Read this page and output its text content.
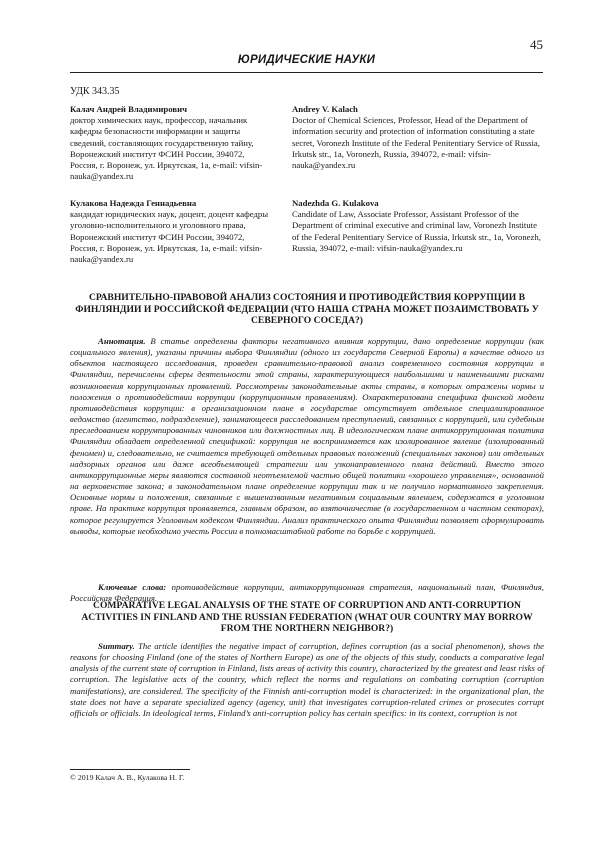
45
ЮРИДИЧЕСКИЕ НАУКИ
УДК 343.35
Калач Андрей Владимирович
доктор химических наук, профессор, начальник кафедры безопасности информации и защиты сведений, составляющих государственную тайну, Воронежский институт ФСИН России, 394072, Россия, г. Воронеж, ул. Иркутская, 1а, e-mail: vifsin-nauka@yandex.ru
Andrey V. Kalach
Doctor of Chemical Sciences, Professor, Head of the Department of information security and protection of information constituting a state secret, Voronezh Institute of the Federal Penitentiary Service of Russia, Irkutsk str., 1a, Voronezh, Russia, 394072, e-mail: vifsin-nauka@yandex.ru
Кулакова Надежда Геннадьевна
кандидат юридических наук, доцент, доцент кафедры уголовно-исполнительного и уголовного права, Воронежский институт ФСИН России, 394072, Россия, г. Воронеж, ул. Иркутская, 1а, e-mail: vifsin-nauka@yandex.ru
Nadezhda G. Kulakova
Candidate of Law, Associate Professor, Assistant Professor of the Department of criminal executive and criminal law, Voronezh Institute of the Federal Penitentiary Service of Russia, Irkutsk str., 1a, Voronezh, Russia, 394072, e-mail: vifsin-nauka@yandex.ru
СРАВНИТЕЛЬНО-ПРАВОВОЙ АНАЛИЗ СОСТОЯНИЯ И ПРОТИВОДЕЙСТВИЯ КОРРУПЦИИ В ФИНЛЯНДИИ И РОССИЙСКОЙ ФЕДЕРАЦИИ (ЧТО НАША СТРАНА МОЖЕТ ПОЗАИМСТВОВАТЬ У СЕВЕРНОГО СОСЕДА?)
Аннотация. В статье определены факторы негативного влияния коррупции, дано определение коррупции (как социального явления), указаны причины выбора Финляндии (одного из государств Северной Европы) в качестве одного из объектов настоящего исследования, проведен сравнительно-правовой анализ современного состояния коррупции в Финляндии, перечислены сферы деятельности этой страны, характеризующиеся наибольшими и наименьшими рисками возникновения коррупционных проявлений. Рассмотрены законодательные акты страны, в которых отражены нормы и положения о противодействии коррупции (коррупционным проявлениям). Охарактеризована специфика финской модели противодействия коррупции: в организационном плане в государстве отсутствует отдельное специализированное ведомство (агентство, подразделение), занимающееся расследованием преступлений, связанных с коррупцией, или судебным преследованием коррумпированных чиновников или должностных лиц. В идеологическом плане антикоррупционная политика Финляндии обладает определенной спецификой: коррупция не воспринимается как изолированное явление (изолированный феномен) и, следовательно, не считается требующей отдельных правовых положений (специальных законов) или отдельных надзорных органов или даже всеобъемлющей стратегии или узконаправленного плана действий. Вместо этого антикоррупционные меры являются составной неотъемлемой частью общей политики «хорошего управления», основанной на верховенстве закона; в законодательном плане определение коррупции так и не получило нормативного закрепления. Основные нормы и положения, связанные с вышеназванным негативным социальным явлением, содержатся в уголовном праве. На практике коррупция проявляется, главным образом, во взяточничестве (в государственном и частном секторах), которое регулируется Уголовным кодексом Финляндии. Анализ практического опыта Финляндии позволяет сформулировать выводы, которые необходимо учесть России в полномасштабной работе по борьбе с коррупцией.
Ключевые слова: противодействие коррупции, антикоррупционная стратегия, национальный план, Финляндия, Российская Федерация.
COMPARATIVE LEGAL ANALYSIS OF THE STATE OF CORRUPTION AND ANTI-CORRUPTION ACTIVITIES IN FINLAND AND THE RUSSIAN FEDERATION (WHAT OUR COUNTRY MAY BORROW FROM THE NORTHERN NEIGHBOR?)
Summary. The article identifies the negative impact of corruption, defines corruption (as a social phenomenon), shows the reasons for choosing Finland (one of the states of Northern Europe) as one of the objects of this study, conducts a comparative legal analysis of the current state of corruption in Finland, lists areas of activity this country, characterized by the greatest and least risks of corruption. The legislative acts of the country, which reflect the norms and regulations on combating corruption (corruption manifestations), are considered. The specificity of the Finnish anti-corruption model is characterized: in the organizational plan, the state does not have a separate specialized agency (agency, unit) that investigates corruption-related crimes or prosecutes corrupt officials or officials. In ideological terms, Finland’s anti-corruption policy has certain specifics: in its context, corruption is not
© 2019 Калач А. В., Кулакова Н. Г.
